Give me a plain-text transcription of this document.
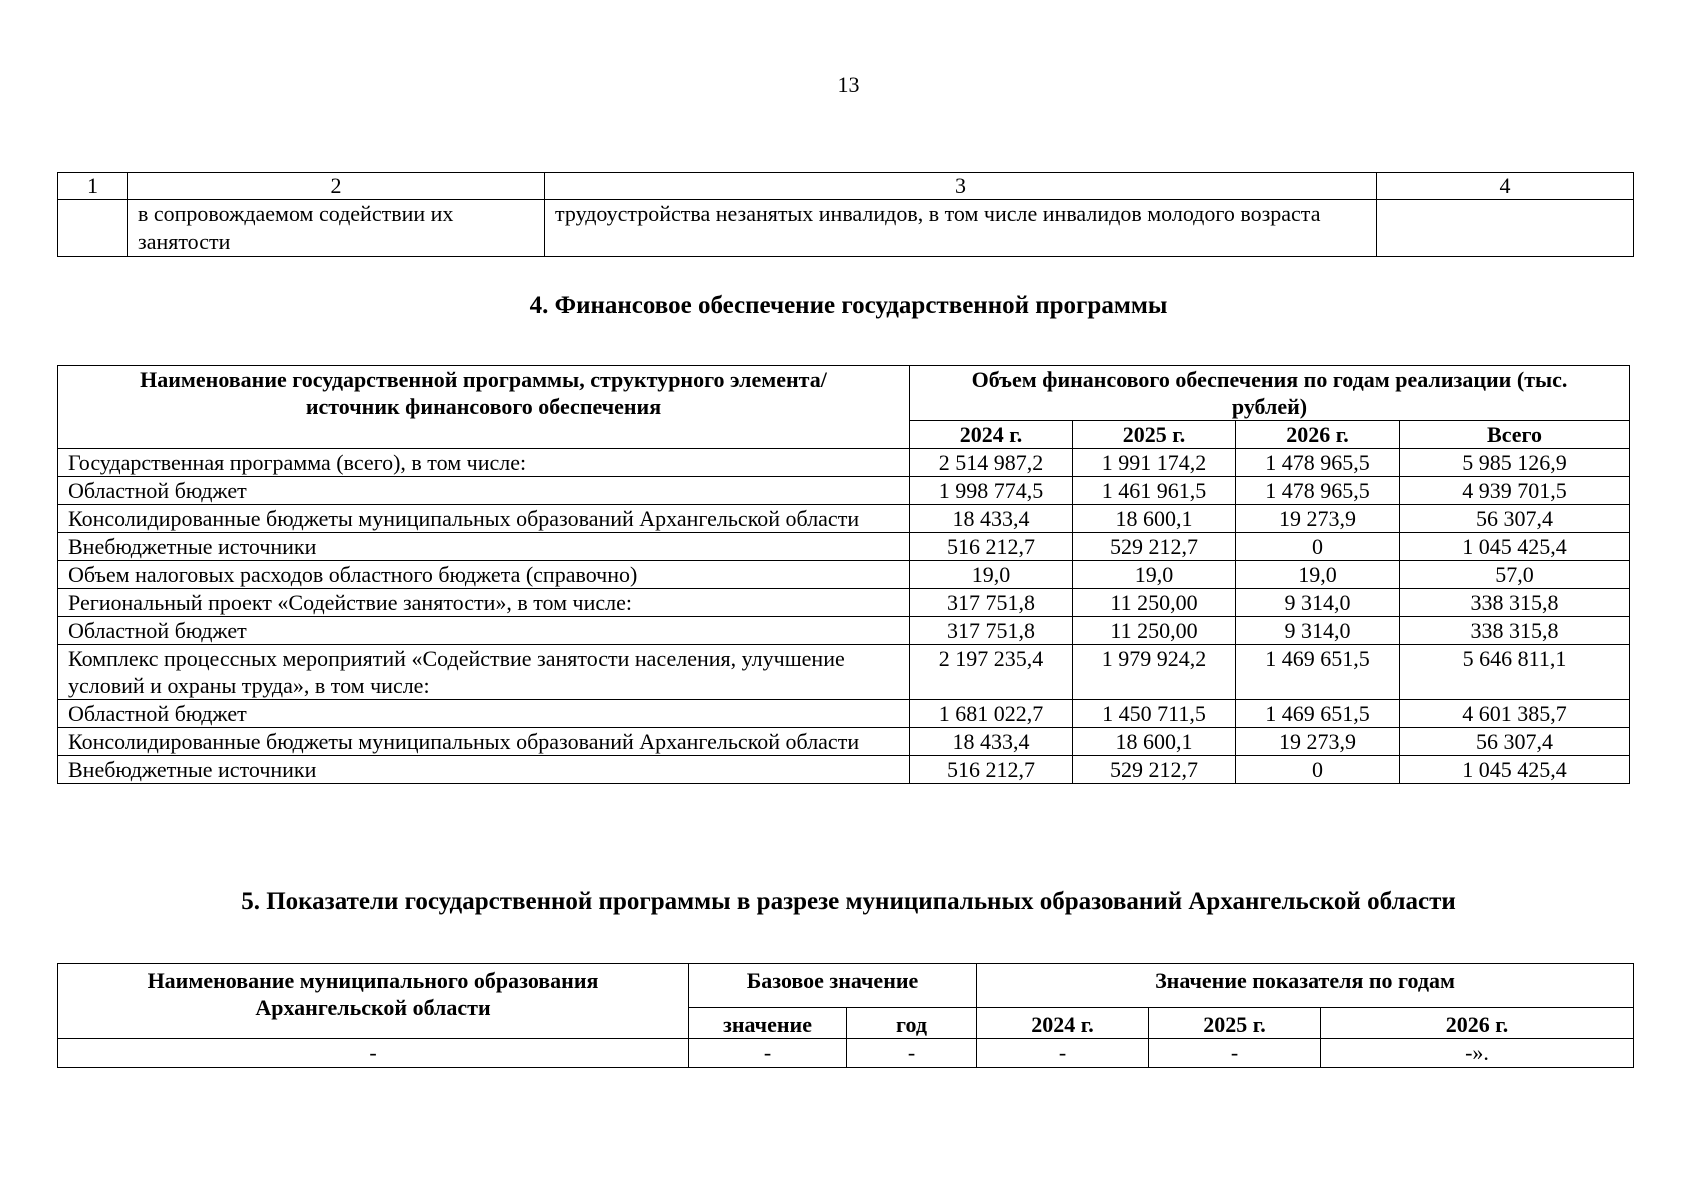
13
1	2	3	4
	в сопровождаемом содействии их занятости	трудоустройства незанятых инвалидов, в том числе инвалидов молодого возраста	
4. Финансовое обеспечение государственной программы
Наименование государственной программы, структурного элемента/ источник финансового обеспечения	Объем финансового обеспечения по годам реализации (тыс. рублей)			
	2024 г.	2025 г.	2026 г.	Всего
Государственная программа (всего), в том числе:	2 514 987,2	1 991 174,2	1 478 965,5	5 985 126,9
Областной бюджет	1 998 774,5	1 461 961,5	1 478 965,5	4 939 701,5
Консолидированные бюджеты муниципальных образований Архангельской области	18 433,4	18 600,1	19 273,9	56 307,4
Внебюджетные источники	516 212,7	529 212,7	0	1 045 425,4
Объем налоговых расходов областного бюджета (справочно)	19,0	19,0	19,0	57,0
Региональный проект «Содействие занятости», в том числе:	317 751,8	11 250,00	9 314,0	338 315,8
Областной бюджет	317 751,8	11 250,00	9 314,0	338 315,8
Комплекс процессных мероприятий «Содействие занятости населения, улучшение условий и охраны труда», в том числе:	2 197 235,4	1 979 924,2	1 469 651,5	5 646 811,1
Областной бюджет	1 681 022,7	1 450 711,5	1 469 651,5	4 601 385,7
Консолидированные бюджеты муниципальных образований Архангельской области	18 433,4	18 600,1	19 273,9	56 307,4
Внебюджетные источники	516 212,7	529 212,7	0	1 045 425,4
5. Показатели государственной программы в разрезе муниципальных образований Архангельской области
Наименование муниципального образования Архангельской области	Базовое значение		Значение показателя по годам		
	значение	год	2024 г.	2025 г.	2026 г.
-	-	-	-	-	-».
